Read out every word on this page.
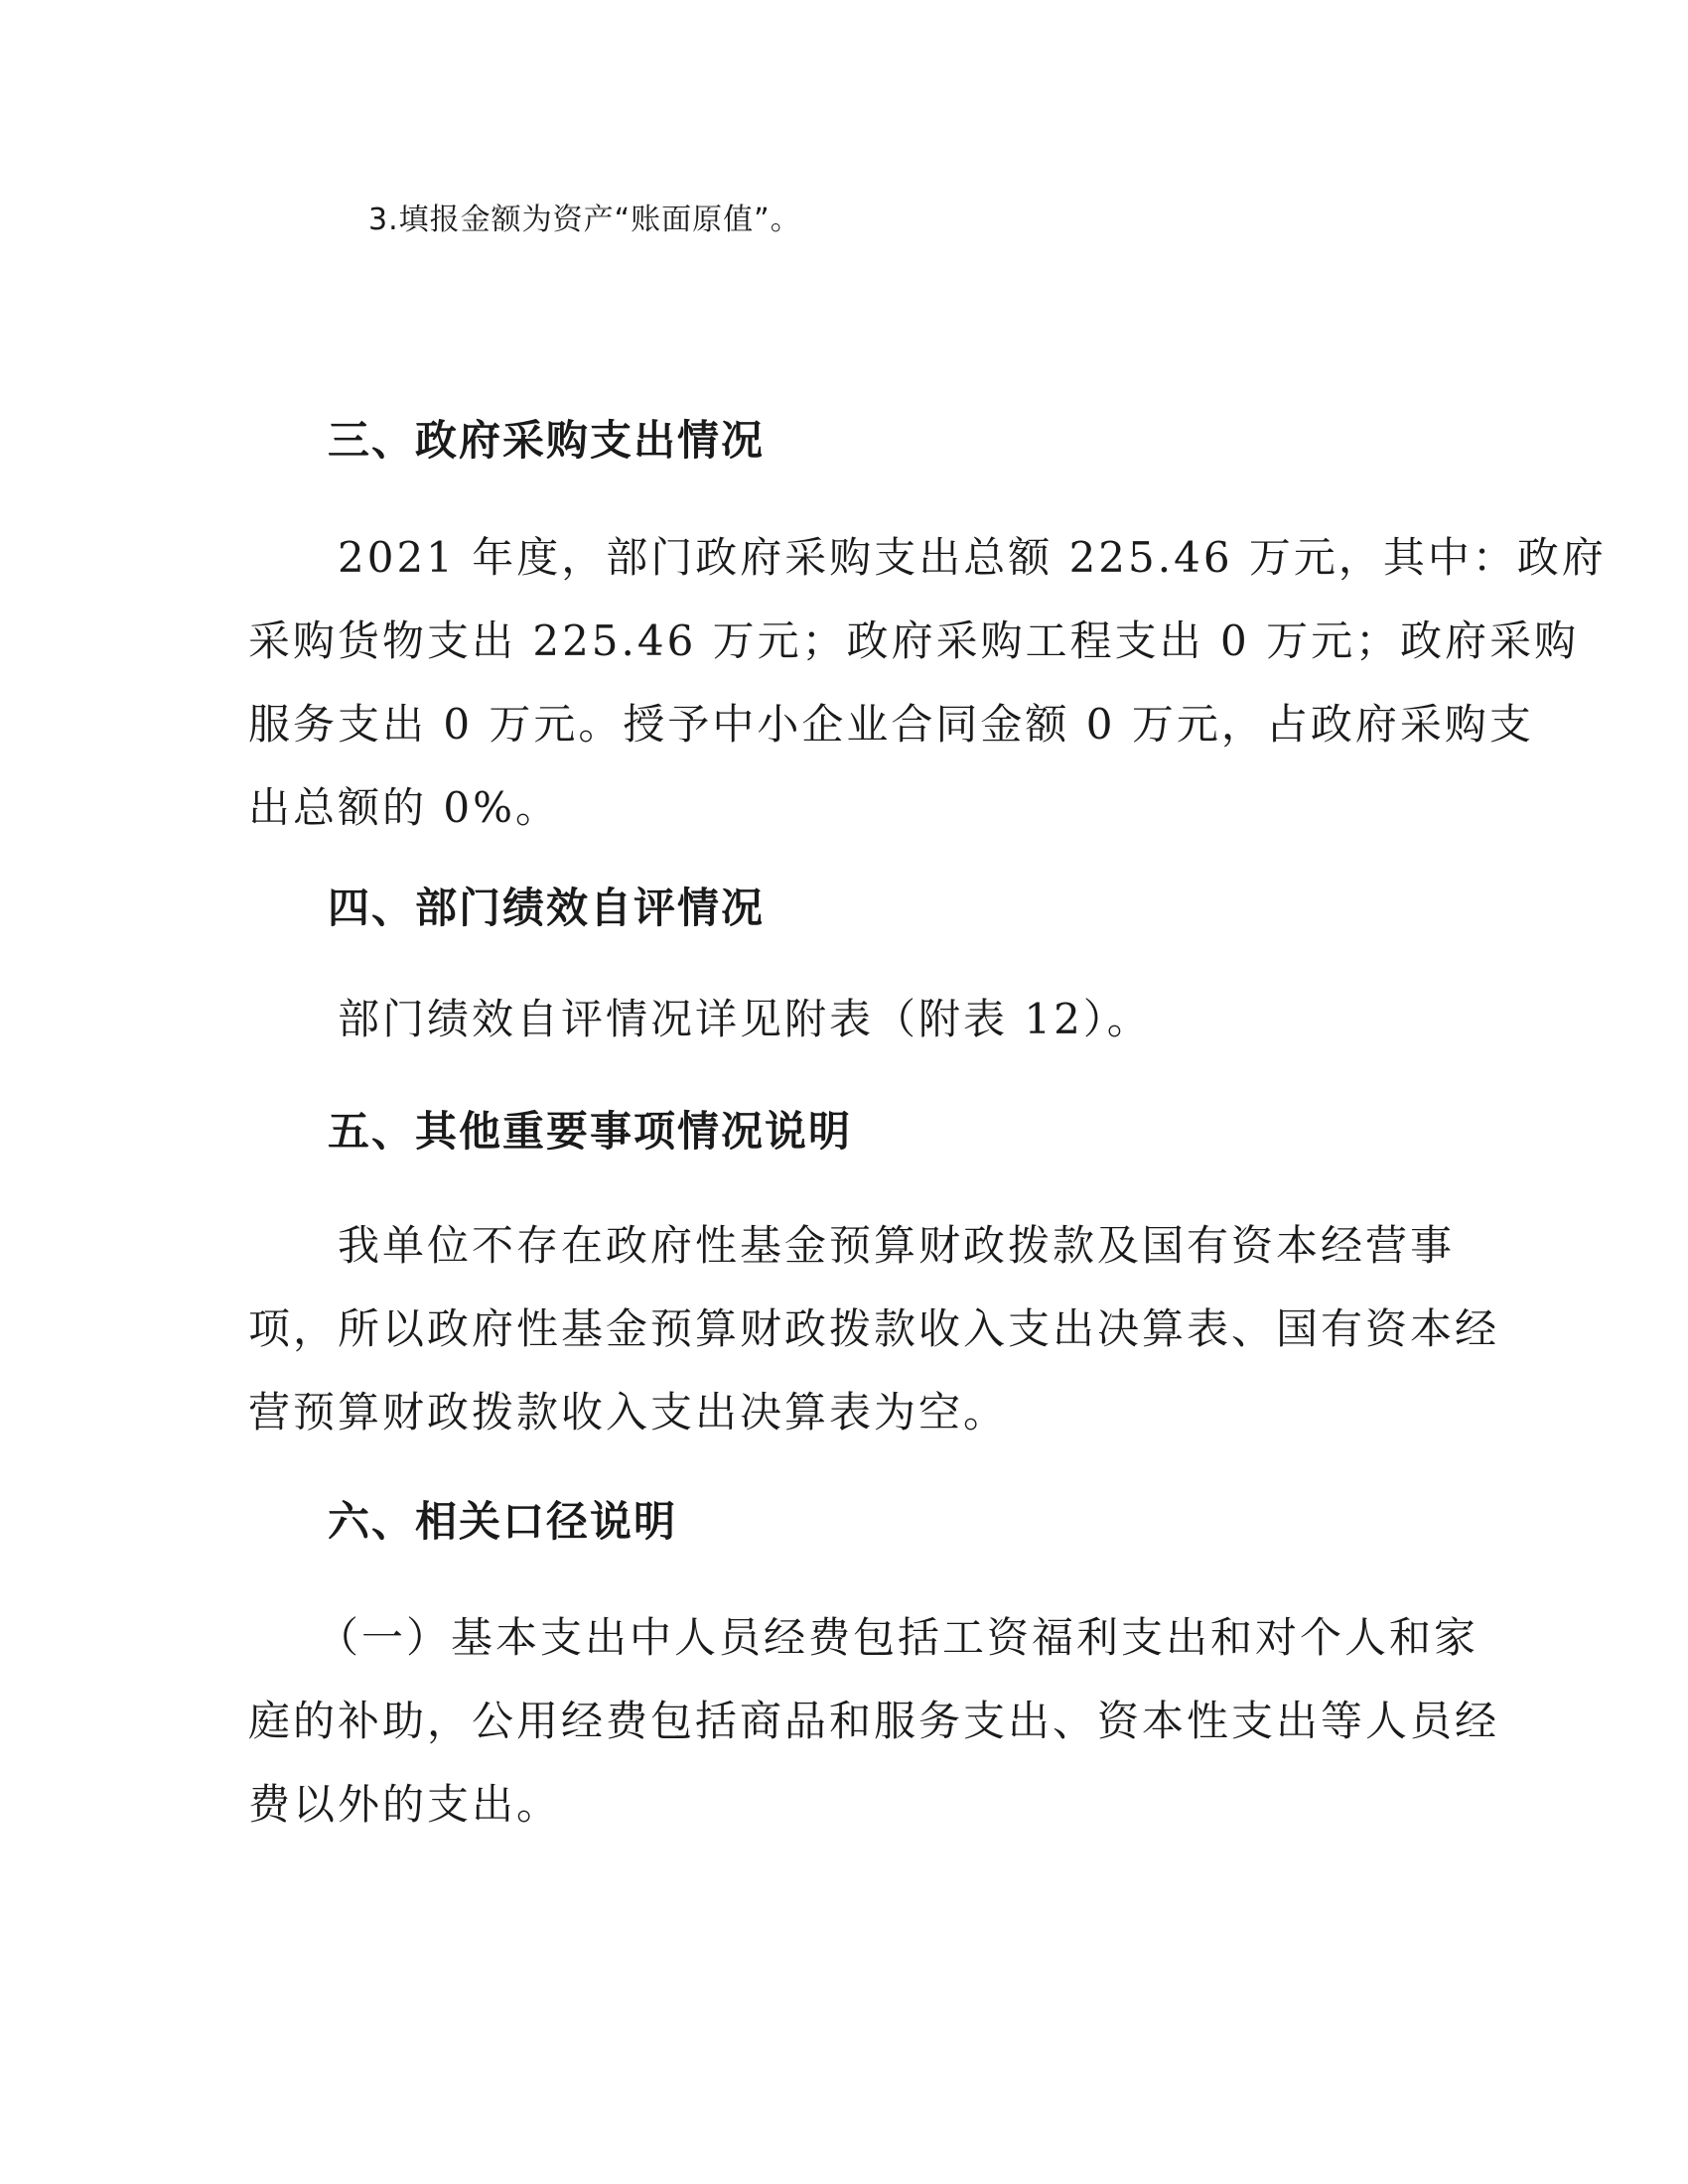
3.填报金额为资产“账面原值”。
三、政府采购支出情况
　　2021 年度，部门政府采购支出总额 225.46 万元，其中：政府
采购货物支出 225.46 万元；政府采购工程支出 0 万元；政府采购
服务支出 0 万元。授予中小企业合同金额 0 万元，占政府采购支
出总额的 0%。
四、部门绩效自评情况
　　部门绩效自评情况详见附表（附表 12）。
五、其他重要事项情况说明
　　我单位不存在政府性基金预算财政拨款及国有资本经营事
项，所以政府性基金预算财政拨款收入支出决算表、国有资本经
营预算财政拨款收入支出决算表为空。
六、相关口径说明
　　（一）基本支出中人员经费包括工资福利支出和对个人和家
庭的补助，公用经费包括商品和服务支出、资本性支出等人员经
费以外的支出。
